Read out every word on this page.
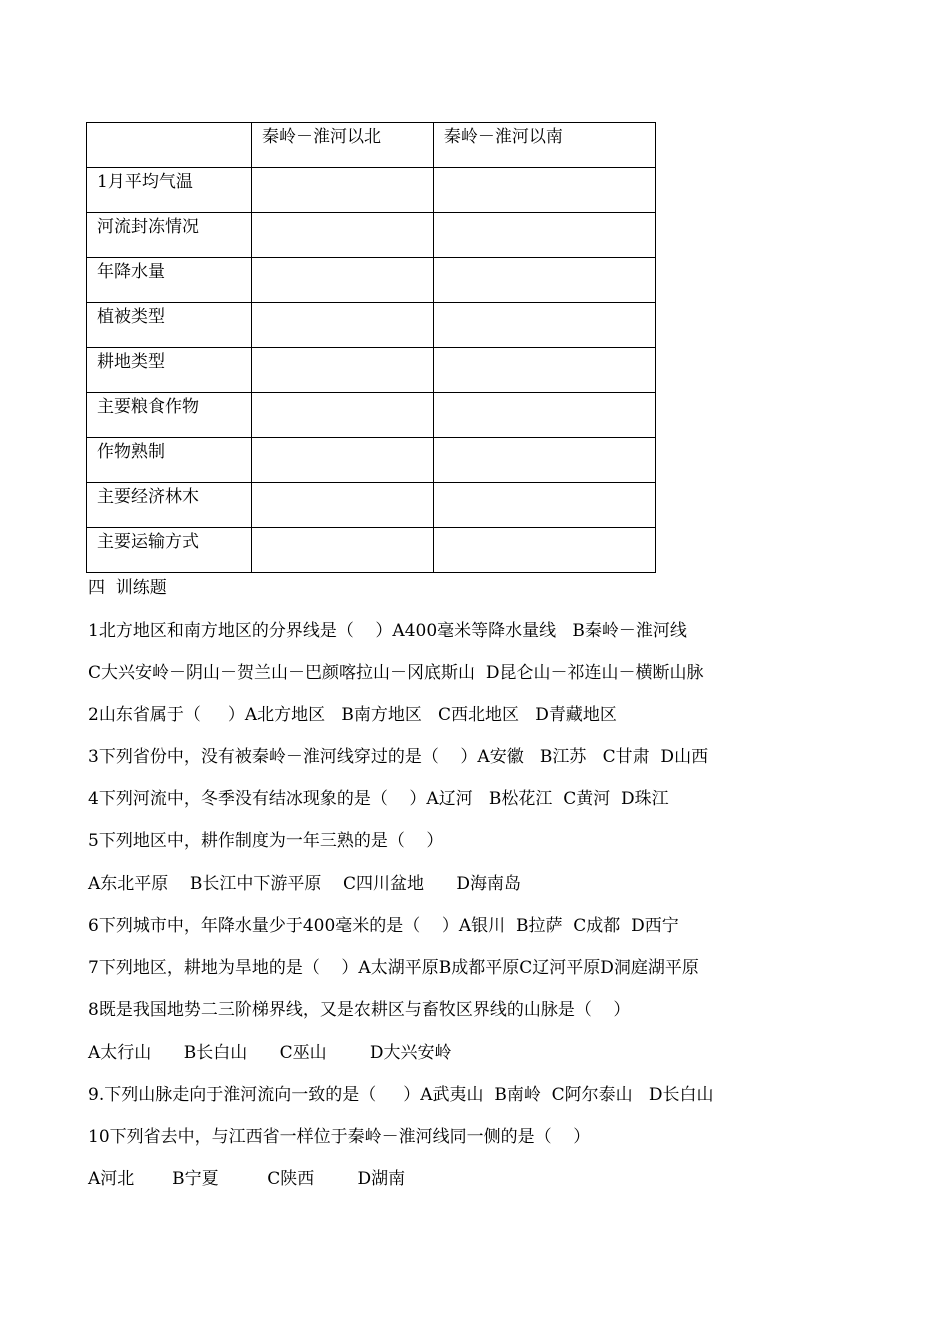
	秦岭－淮河以北	秦岭－淮河以南

1月平均气温		

河流封冻情况		

年降水量		

植被类型		

耕地类型		

主要粮食作物		

作物熟制		

主要经济林木		

主要运输方式		

四  训练题
1北方地区和南方地区的分界线是（    ）A400毫米等降水量线   B秦岭－淮河线
C大兴安岭－阴山－贺兰山－巴颜喀拉山－冈底斯山  D昆仑山－祁连山－横断山脉
2山东省属于（     ）A北方地区   B南方地区   C西北地区   D青藏地区
3下列省份中，没有被秦岭－淮河线穿过的是（    ）A安徽   B江苏   C甘肃  D山西
4下列河流中，冬季没有结冰现象的是（    ）A辽河   B松花江  C黄河  D珠江
5下列地区中，耕作制度为一年三熟的是（    ）
A东北平原    B长江中下游平原    C四川盆地      D海南岛
6下列城市中，年降水量少于400毫米的是（    ）A银川  B拉萨  C成都  D西宁
7下列地区，耕地为旱地的是（    ）A太湖平原B成都平原C辽河平原D洞庭湖平原
8既是我国地势二三阶梯界线，又是农耕区与畜牧区界线的山脉是（    ）
A太行山      B长白山      C巫山        D大兴安岭
9.下列山脉走向于淮河流向一致的是（     ）A武夷山  B南岭  C阿尔泰山   D长白山
10下列省去中，与江西省一样位于秦岭－淮河线同一侧的是（    ）
A河北       B宁夏         C陕西        D湖南
